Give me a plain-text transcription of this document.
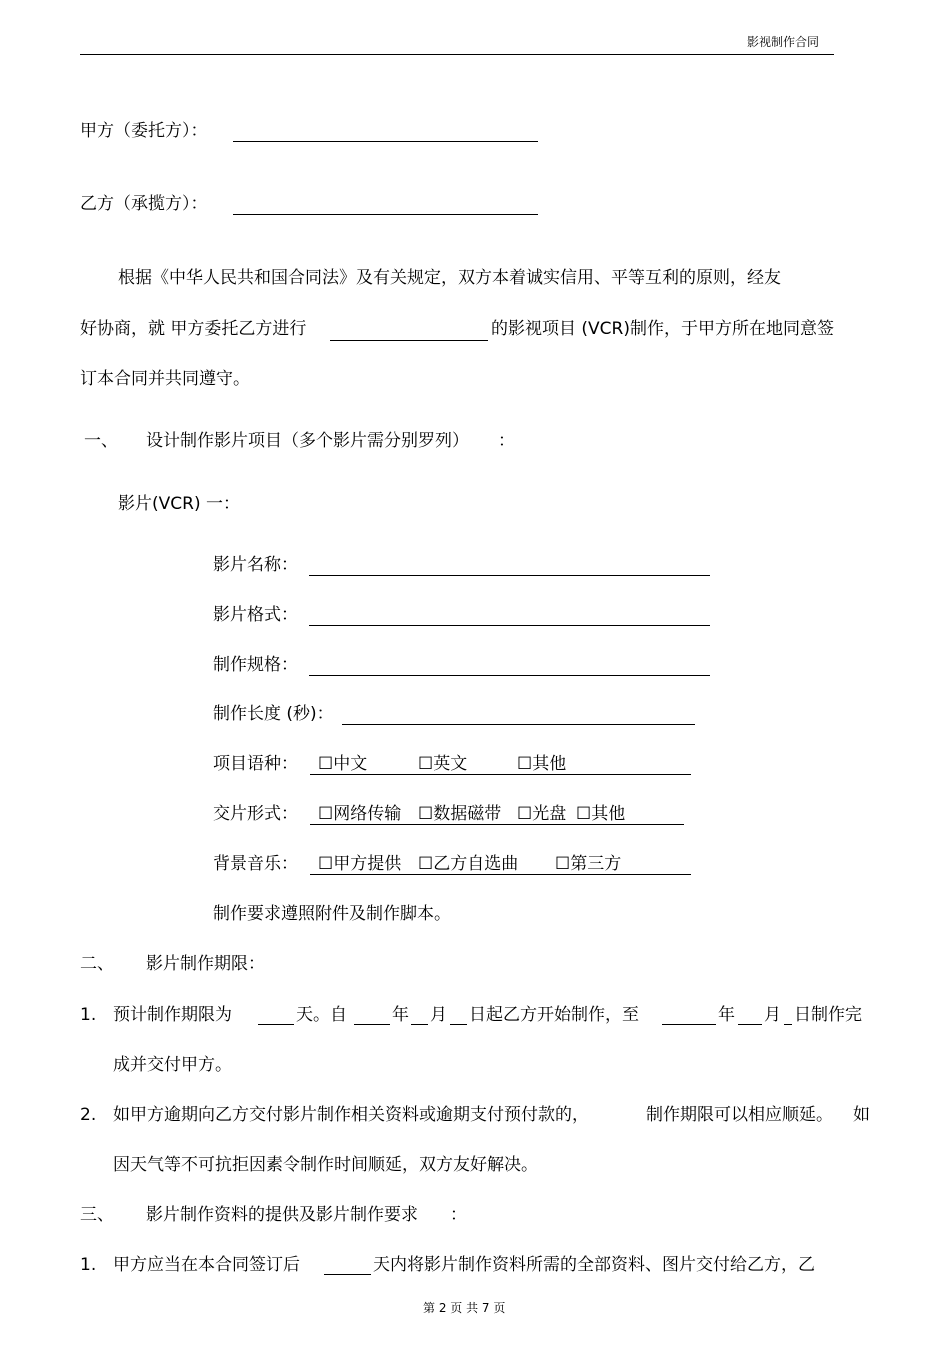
影视制作合同
甲方（委托方）：
乙方（承揽方）：
根据《中华人民共和国合同法》及有关规定，双方本着诚实信用、平等互利的原则，经友
好协商，就 甲方委托乙方进行	的影视项目 (VCR)制作，于甲方所在地同意签
订本合同并共同遵守。
一、 设计制作影片项目（多个影片需分别罗列） ：
影片(VCR) 一：
影片名称：
影片格式：
制作规格：
制作长度 (秒)：
项目语种： ☐中文	☐英文	☐其他
交片形式： ☐网络传输 ☐数据磁带 ☐光盘 ☐其他
背景音乐： ☐甲方提供 ☐乙方自选曲 ☐第三方
制作要求遵照附件及制作脚本。
二、 影片制作期限：
1. 预计制作期限为	天。自	年 月 日起乙方开始制作，至	年 月 日制作完
成并交付甲方。
2. 如甲方逾期向乙方交付影片制作相关资料或逾期支付预付款的，	制作期限可以相应顺延。 如
因天气等不可抗拒因素令制作时间顺延，双方友好解决。
三、 影片制作资料的提供及影片制作要求 ：
1. 甲方应当在本合同签订后	天内将影片制作资料所需的全部资料、图片交付给乙方，乙
第 2 页 共 7 页
